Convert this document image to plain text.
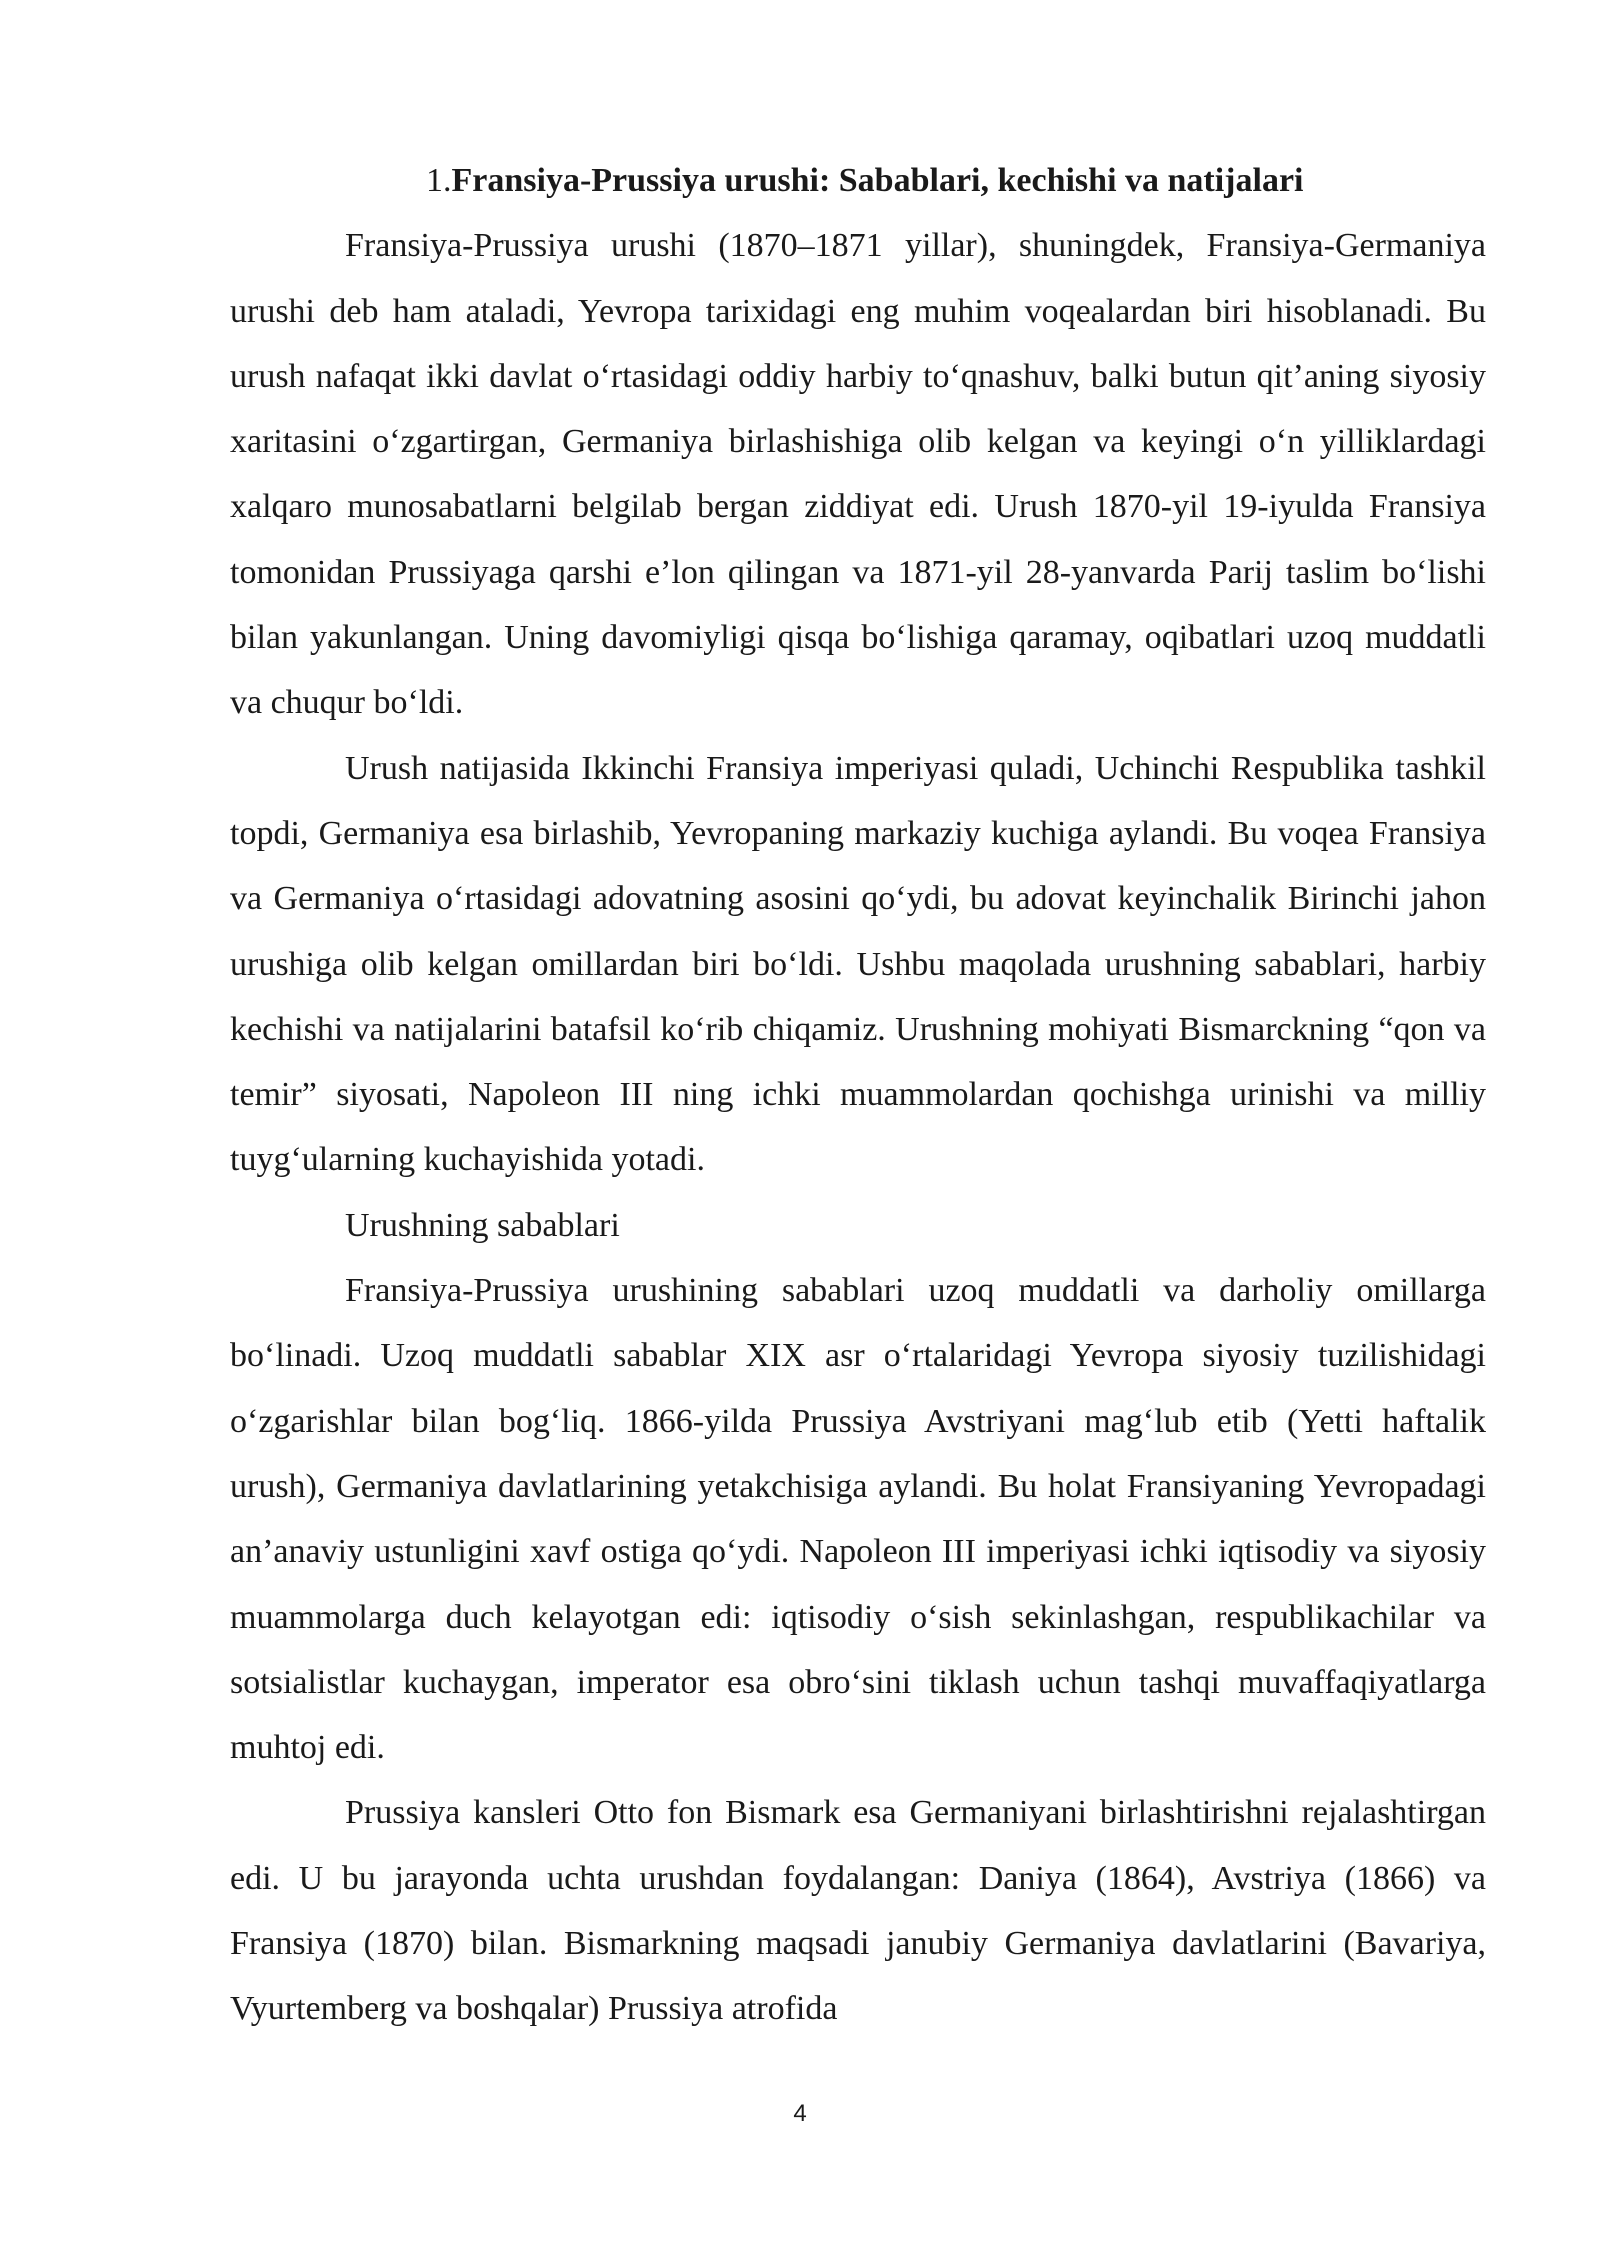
1.Fransiya-Prussiya urushi: Sabablari, kechishi va natijalari

Fransiya-Prussiya urushi (1870–1871 yillar), shuningdek, Fransiya-Germaniya urushi deb ham ataladi, Yevropa tarixidagi eng muhim voqealardan biri hisoblanadi. Bu urush nafaqat ikki davlat o‘rtasidagi oddiy harbiy to‘qnashuv, balki butun qit’aning siyosiy xaritasini o‘zgartirgan, Germaniya birlashishiga olib kelgan va keyingi o‘n yilliklardagi xalqaro munosabatlarni belgilab bergan ziddiyat edi. Urush 1870-yil 19-iyulda Fransiya tomonidan Prussiyaga qarshi e’lon qilingan va 1871-yil 28-yanvarda Parij taslim bo‘lishi bilan yakunlangan. Uning davomiyligi qisqa bo‘lishiga qaramay, oqibatlari uzoq muddatli va chuqur bo‘ldi.

Urush natijasida Ikkinchi Fransiya imperiyasi quladi, Uchinchi Respublika tashkil topdi, Germaniya esa birlashib, Yevropaning markaziy kuchiga aylandi. Bu voqea Fransiya va Germaniya o‘rtasidagi adovatning asosini qo‘ydi, bu adovat keyinchalik Birinchi jahon urushiga olib kelgan omillardan biri bo‘ldi. Ushbu maqolada urushning sabablari, harbiy kechishi va natijalarini batafsil ko‘rib chiqamiz. Urushning mohiyati Bismarckning “qon va temir” siyosati, Napoleon III ning ichki muammolardan qochishga urinishi va milliy tuyg‘ularning kuchayishida yotadi.

Urushning sabablari

Fransiya-Prussiya urushining sabablari uzoq muddatli va darholiy omillarga bo‘linadi. Uzoq muddatli sabablar XIX asr o‘rtalaridagi Yevropa siyosiy tuzilishidagi o‘zgarishlar bilan bog‘liq. 1866-yilda Prussiya Avstriyani mag‘lub etib (Yetti haftalik urush), Germaniya davlatlarining yetakchisiga aylandi. Bu holat Fransiyaning Yevropadagi an’anaviy ustunligini xavf ostiga qo‘ydi. Napoleon III imperiyasi ichki iqtisodiy va siyosiy muammolarga duch kelayotgan edi: iqtisodiy o‘sish sekinlashgan, respublikachilar va sotsialistlar kuchaygan, imperator esa obro‘sini tiklash uchun tashqi muvaffaqiyatlarga muhtoj edi.

Prussiya kansleri Otto fon Bismark esa Germaniyani birlashtirishni rejalashtirgan edi. U bu jarayonda uchta urushdan foydalangan: Daniya (1864), Avstriya (1866) va Fransiya (1870) bilan. Bismarkning maqsadi janubiy Germaniya davlatlarini (Bavariya, Vyurtemberg va boshqalar) Prussiya atrofida

4
